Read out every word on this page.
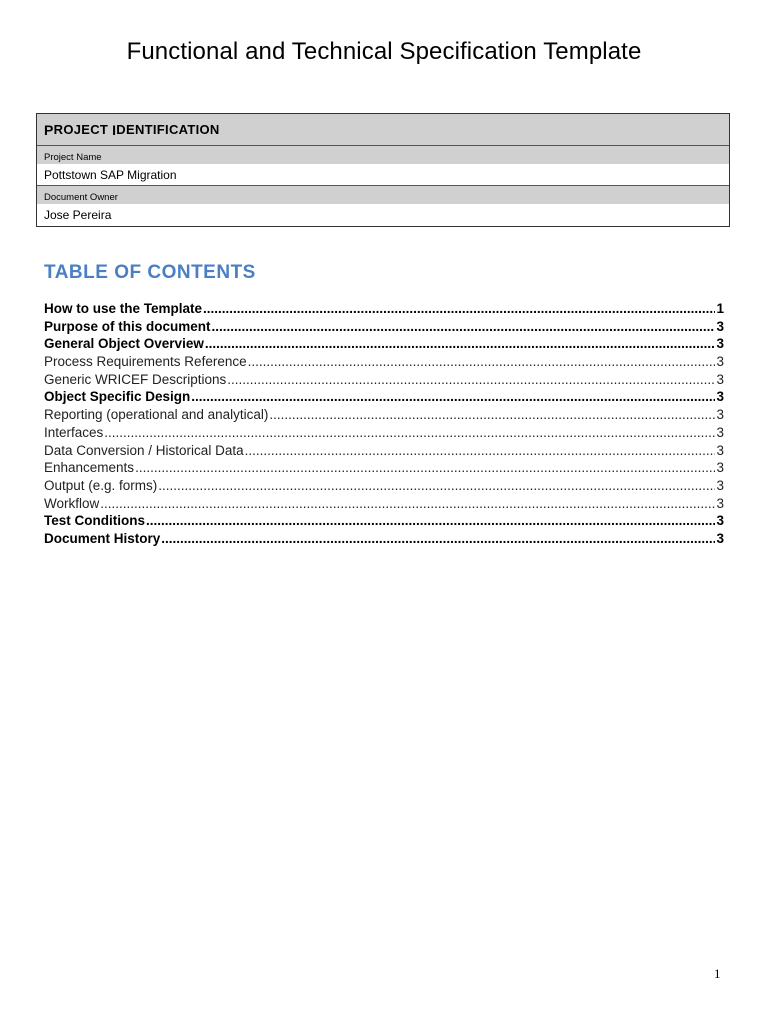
Functional and Technical Specification Template
P ROJECT
I DENTIFICATION
Project Name
Pottstown SAP Migration
Document Owner
Jose Pereira
TABLE OF CONTENTS
How to use the Template .....	1
Purpose of this document .....	3
General Object Overview .....	3
Process Requirements Reference .....	3
Generic WRICEF Descriptions .....	3
Object Specific Design .....	3
Reporting (operational and analytical) .....	3
Interfaces .....	3
Data Conversion / Historical Data .....	3
Enhancements .....	3
Output (e.g. forms) .....	3
Workflow .....	3
Test Conditions .....	3
Document History .....	3
1
